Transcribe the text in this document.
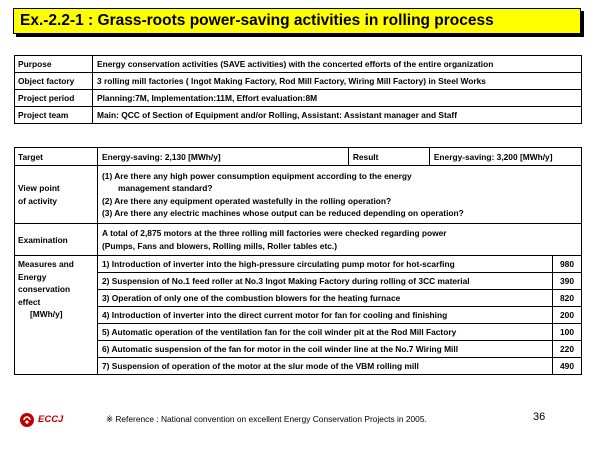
Ex.-2.2-1 : Grass-roots power-saving activities in rolling process
Purpose	Energy conservation activities (SAVE activities) with the concerted efforts of the entire organization
Object factory	3 rolling mill factories ( Ingot Making Factory, Rod Mill Factory, Wiring Mill Factory) in Steel Works
Project period	Planning:7M, Implementation:11M, Effort evaluation:8M
Project team	Main: QCC of Section of Equipment and/or Rolling, Assistant: Assistant manager and Staff
Target	Energy-saving: 2,130 [MWh/y]	Result	Energy-saving: 3,200 [MWh/y]	

View point
of activity	(1) Are there any high power consumption equipment according to the energy
management standard?
(2) Are there any equipment operated wastefully in the rolling operation?
(3) Are there any electric machines whose output can be reduced depending on operation?			

Examination	A total of 2,875 motors at the three rolling mill factories were checked regarding power
(Pumps, Fans and blowers, Rolling mills, Roller tables etc.)			

Measures and
Energy
conservation
effect
[MWh/y]	1) Introduction of inverter into the high-pressure circulating pump motor for hot-scarfing			980
	2) Suspension of No.1 feed roller at No.3 Ingot Making Factory during rolling of 3CC material			390
	3) Operation of only one of the combustion blowers for the heating furnace			820
	4) Introduction of inverter into the direct current motor for fan for cooling and finishing			200
	5) Automatic operation of the ventilation fan for the coil winder pit at the Rod Mill Factory			100
	6) Automatic suspension of the fan for motor in the coil winder line at the No.7 Wiring Mill			220
	7) Suspension of operation of the motor at the slur mode of the VBM rolling mill			490
ECCJ	※ Reference : National convention on excellent Energy Conservation Projects in 2005.	36
